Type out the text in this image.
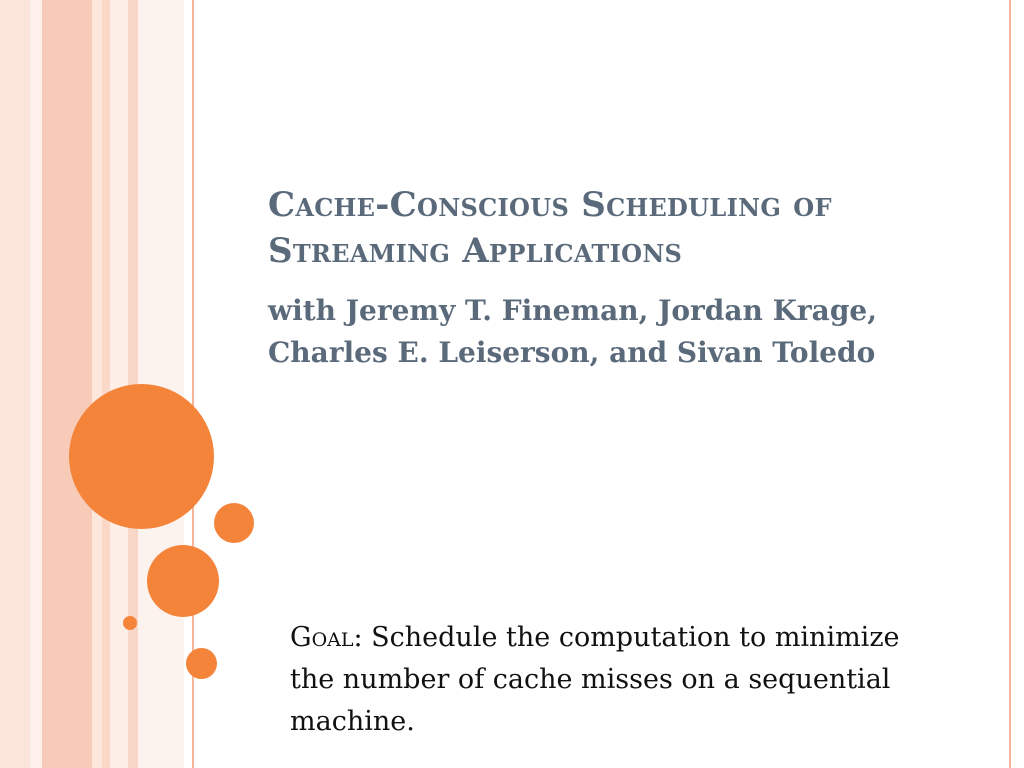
Cache-Conscious Scheduling of Streaming Applications

with Jeremy T. Fineman, Jordan Krage, Charles E. Leiserson, and Sivan Toledo

Goal: Schedule the computation to minimize the number of cache misses on a sequential machine.
